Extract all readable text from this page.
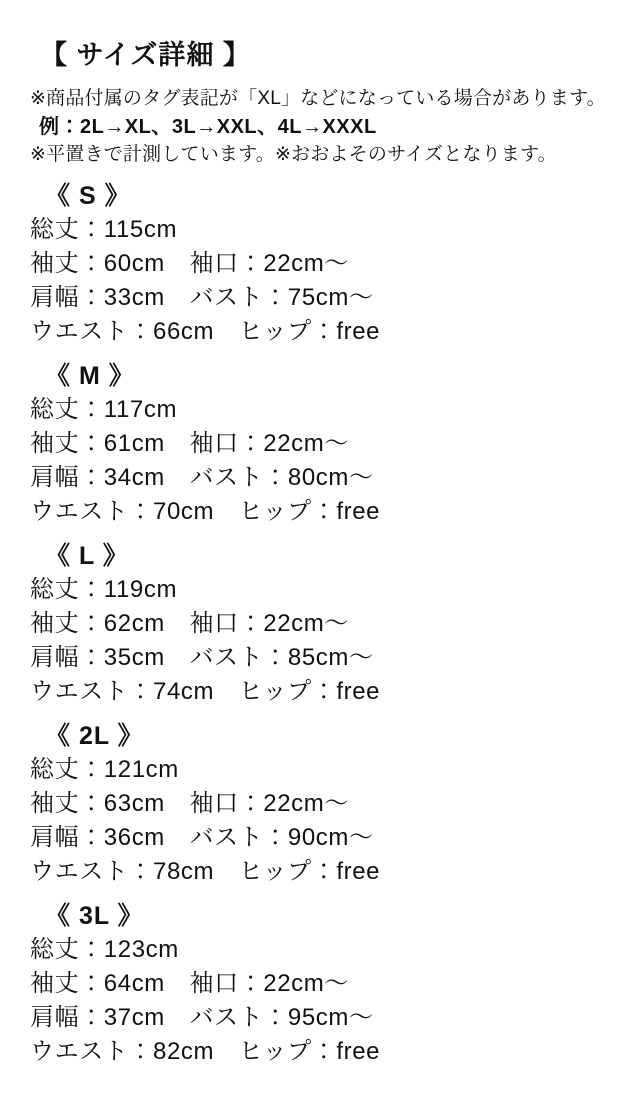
【 サイズ詳細 】

※商品付属のタグ表記が「XL」などになっている場合があります。

例：2L→XL、3L→XXL、4L→XXXL

※平置きで計測しています。※おおよそのサイズとなります。

《 S 》

総丈：115cm

袖丈：60cm　袖口：22cm～

肩幅：33cm　バスト：75cm～

ウエスト：66cm　ヒップ：free

《 M 》

総丈：117cm

袖丈：61cm　袖口：22cm～

肩幅：34cm　バスト：80cm～

ウエスト：70cm　ヒップ：free

《 L 》

総丈：119cm

袖丈：62cm　袖口：22cm～

肩幅：35cm　バスト：85cm～

ウエスト：74cm　ヒップ：free

《 2L 》

総丈：121cm

袖丈：63cm　袖口：22cm～

肩幅：36cm　バスト：90cm～

ウエスト：78cm　ヒップ：free

《 3L 》

総丈：123cm

袖丈：64cm　袖口：22cm～

肩幅：37cm　バスト：95cm～

ウエスト：82cm　ヒップ：free
